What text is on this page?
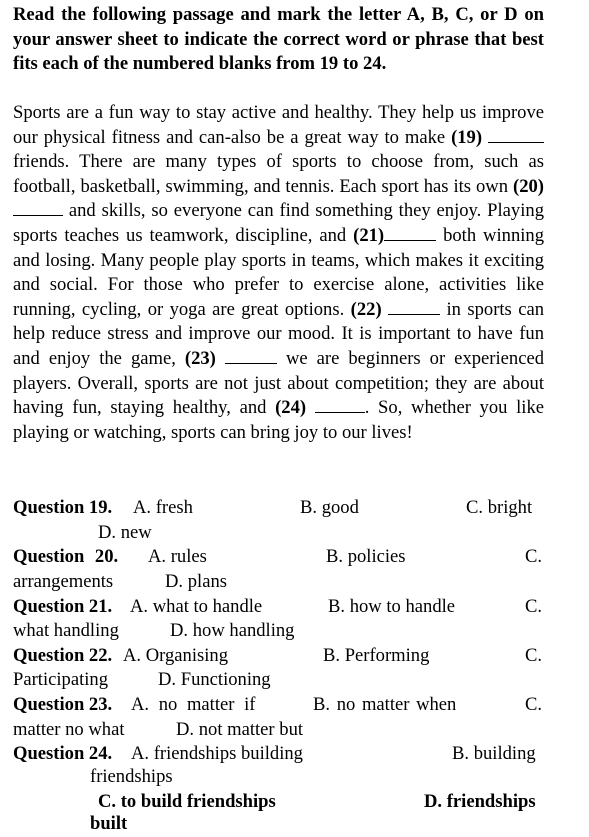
Read the following passage and mark the letter A, B, C, or D on your answer sheet to indicate the correct word or phrase that best fits each of the numbered blanks from 19 to 24.
Sports are a fun way to stay active and healthy. They help us improve our physical fitness and can-also be a great way to make (19)  friends. There are many types of sports to choose from, such as football, basketball, swimming, and tennis. Each sport has its own (20)  and skills, so everyone can find something they enjoy. Playing sports teaches us teamwork, discipline, and (21)	both winning and losing. Many people play sports in teams, which makes it exciting and social. For those who prefer to exercise alone, activities like running, cycling, or yoga are great options. (22)	in sports can help reduce stress and improve our mood. It is important to have fun and enjoy the game, (23)	we are beginners or experienced players. Overall, sports are not just about competition; they are about having fun, staying healthy, and (24)	. So, whether you like playing or watching, sports can bring joy to our lives!
Question 19. A. fresh	B. good	C. bright
D. new
Question 20. A. rules	B. policies	C.
arrangements	D. plans
Question 21. A. what to handle	B. how to handle	C.
what handling	D. how handling
Question 22. A. Organising	B. Performing	C.
Participating	D. Functioning
Question 23. A. no matter if	B. no matter when	C.
matter no what	D. not matter but
Question 24. A. friendships building	B. building
friendships
C. to build friendships	D. friendships
built
